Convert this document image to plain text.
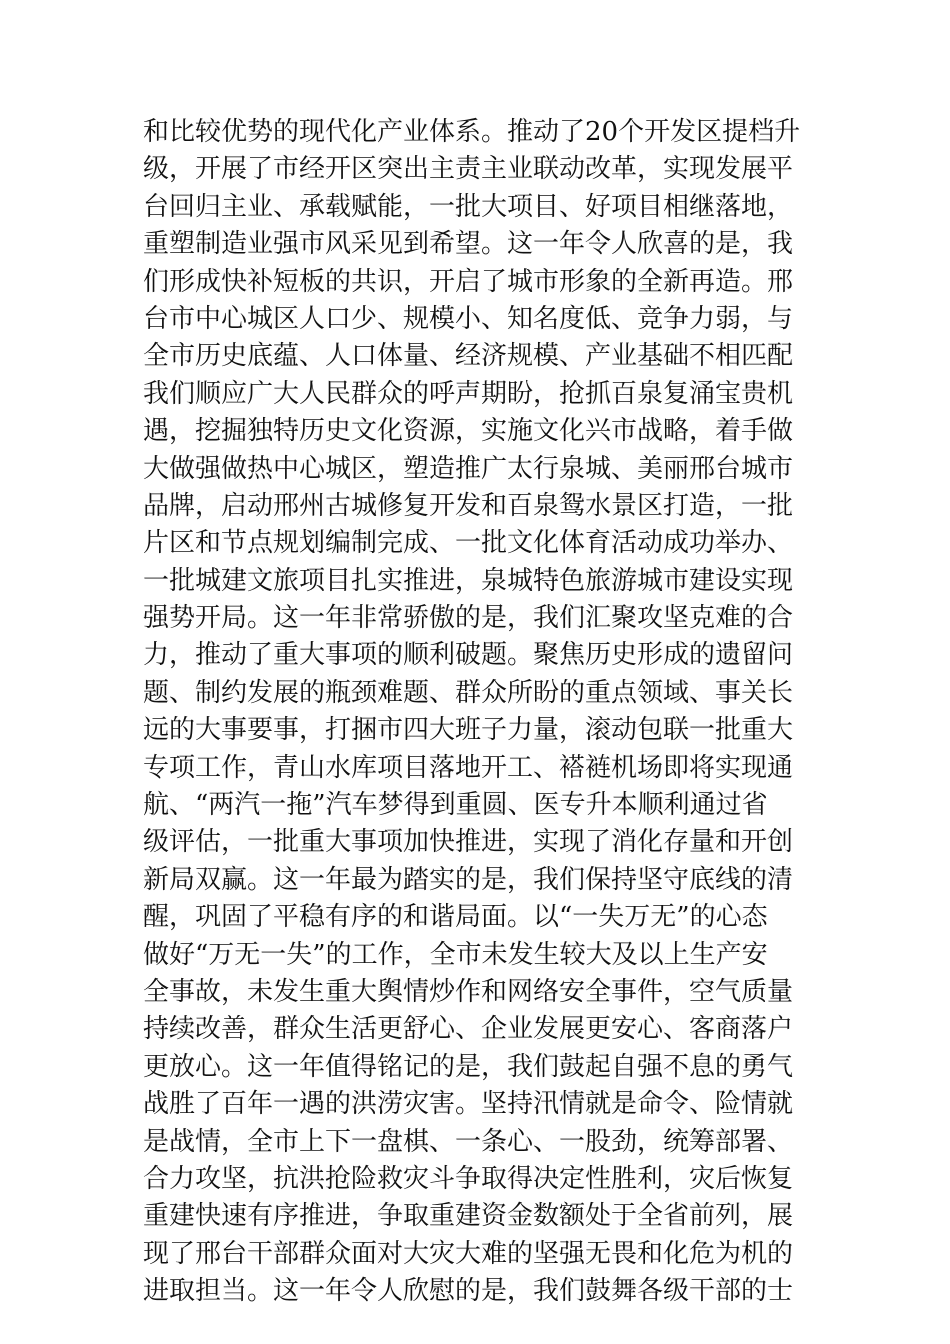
和比较优势的现代化产业体系。推动了20个开发区提档升
级，开展了市经开区突出主责主业联动改革，实现发展平
台回归主业、承载赋能，一批大项目、好项目相继落地，
重塑制造业强市风采见到希望。这一年令人欣喜的是，我
们形成快补短板的共识，开启了城市形象的全新再造。邢
台市中心城区人口少、规模小、知名度低、竞争力弱，与
全市历史底蕴、人口体量、经济规模、产业基础不相匹配
我们顺应广大人民群众的呼声期盼，抢抓百泉复涌宝贵机
遇，挖掘独特历史文化资源，实施文化兴市战略，着手做
大做强做热中心城区，塑造推广太行泉城、美丽邢台城市
品牌，启动邢州古城修复开发和百泉鸳水景区打造，一批
片区和节点规划编制完成、一批文化体育活动成功举办、
一批城建文旅项目扎实推进，泉城特色旅游城市建设实现
强势开局。这一年非常骄傲的是，我们汇聚攻坚克难的合
力，推动了重大事项的顺利破题。聚焦历史形成的遗留问
题、制约发展的瓶颈难题、群众所盼的重点领域、事关长
远的大事要事，打捆市四大班子力量，滚动包联一批重大
专项工作，青山水库项目落地开工、褡裢机场即将实现通
航、“两汽一拖”汽车梦得到重圆、医专升本顺利通过省
级评估，一批重大事项加快推进，实现了消化存量和开创
新局双赢。这一年最为踏实的是，我们保持坚守底线的清
醒，巩固了平稳有序的和谐局面。以“一失万无”的心态
做好“万无一失”的工作，全市未发生较大及以上生产安
全事故，未发生重大舆情炒作和网络安全事件，空气质量
持续改善，群众生活更舒心、企业发展更安心、客商落户
更放心。这一年值得铭记的是，我们鼓起自强不息的勇气
战胜了百年一遇的洪涝灾害。坚持汛情就是命令、险情就
是战情，全市上下一盘棋、一条心、一股劲，统筹部署、
合力攻坚，抗洪抢险救灾斗争取得决定性胜利，灾后恢复
重建快速有序推进，争取重建资金数额处于全省前列，展
现了邢台干部群众面对大灾大难的坚强无畏和化危为机的
进取担当。这一年令人欣慰的是，我们鼓舞各级干部的士
